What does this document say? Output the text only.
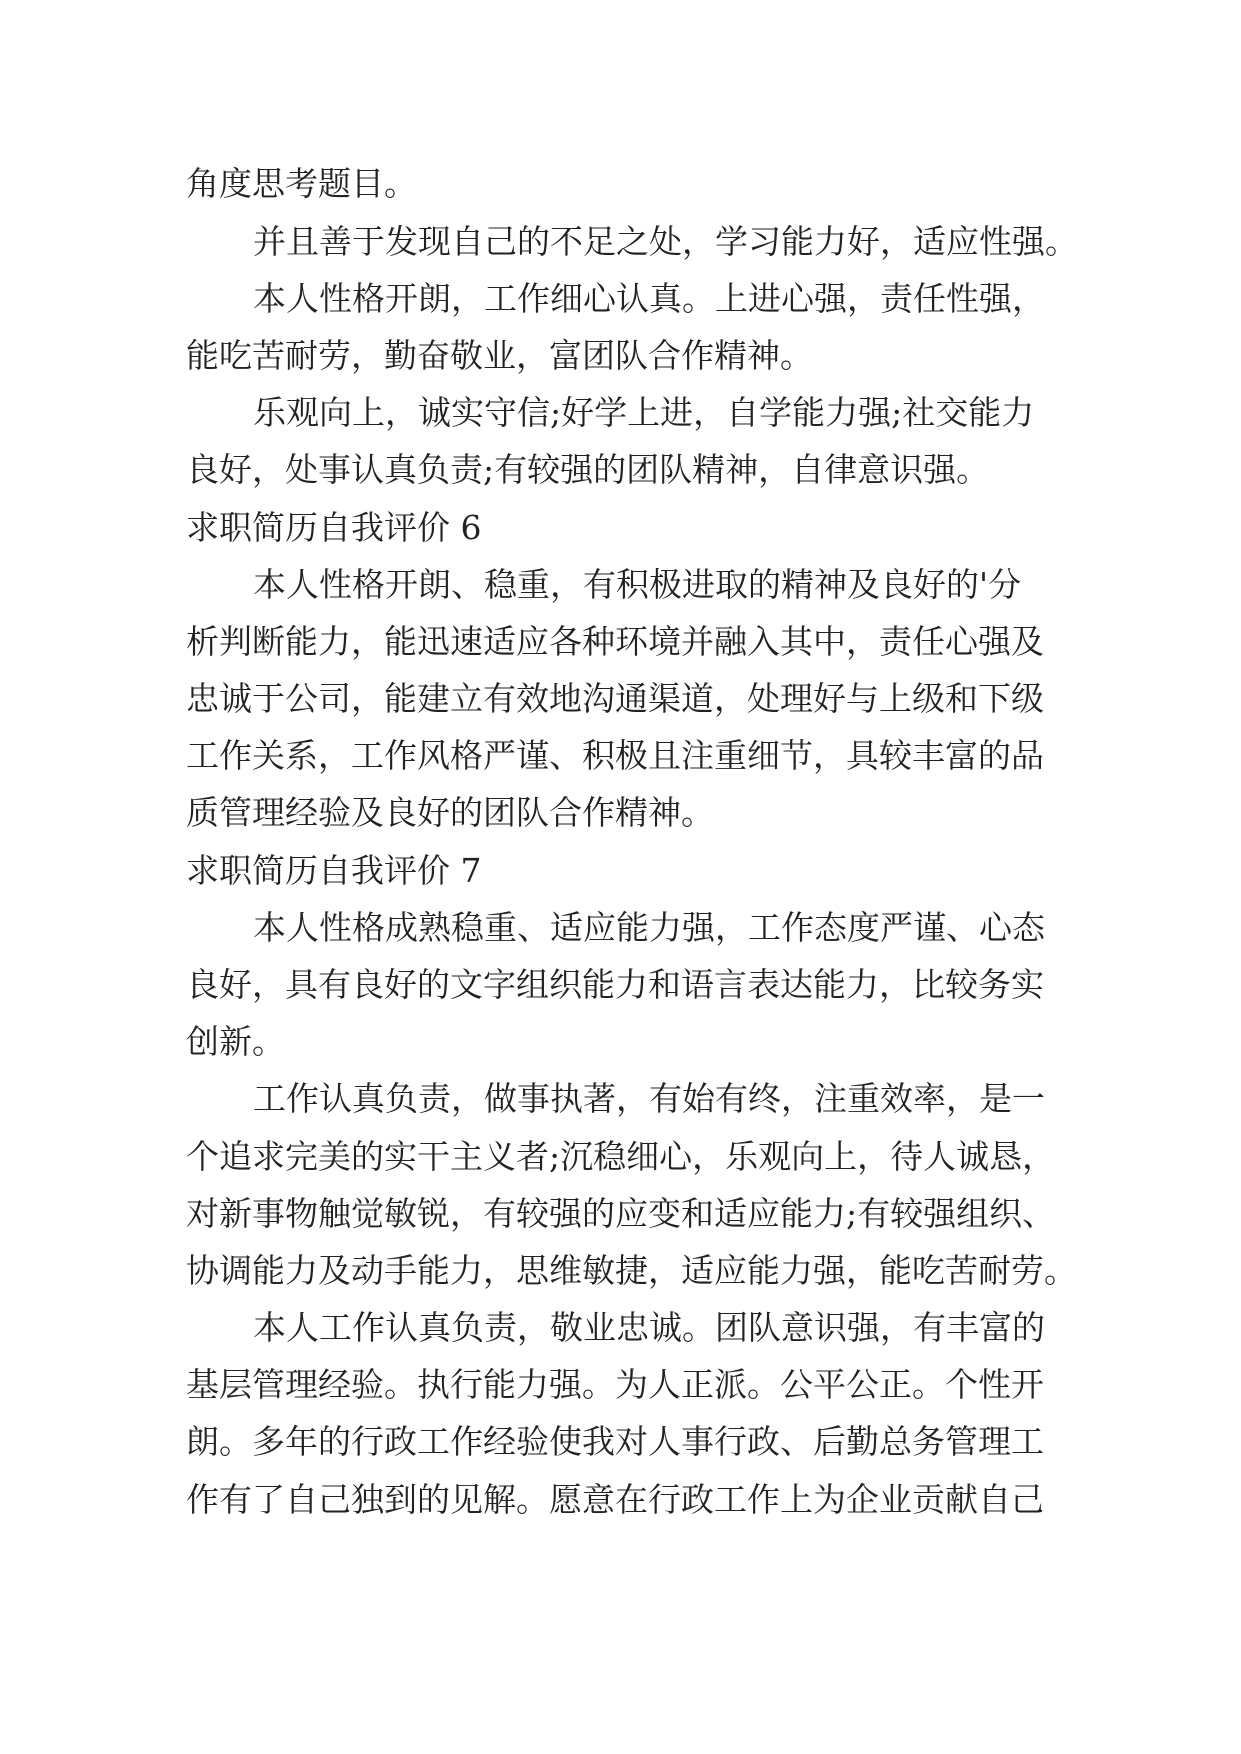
角度思考题目。

并且善于发现自己的不足之处，学习能力好，适应性强。

本人性格开朗，工作细心认真。上进心强，责任性强，

能吃苦耐劳，勤奋敬业，富团队合作精神。

乐观向上，诚实守信;好学上进，自学能力强;社交能力

良好，处事认真负责;有较强的团队精神，自律意识强。

求职简历自我评价 6

本人性格开朗、稳重，有积极进取的精神及良好的'分

析判断能力，能迅速适应各种环境并融入其中，责任心强及

忠诚于公司，能建立有效地沟通渠道，处理好与上级和下级

工作关系，工作风格严谨、积极且注重细节，具较丰富的品

质管理经验及良好的团队合作精神。

求职简历自我评价 7

本人性格成熟稳重、适应能力强，工作态度严谨、心态

良好，具有良好的文字组织能力和语言表达能力，比较务实

创新。

工作认真负责，做事执著，有始有终，注重效率，是一

个追求完美的实干主义者;沉稳细心，乐观向上，待人诚恳，

对新事物触觉敏锐，有较强的应变和适应能力;有较强组织、

协调能力及动手能力，思维敏捷，适应能力强，能吃苦耐劳。

本人工作认真负责，敬业忠诚。团队意识强，有丰富的

基层管理经验。执行能力强。为人正派。公平公正。个性开

朗。多年的行政工作经验使我对人事行政、后勤总务管理工

作有了自己独到的见解。愿意在行政工作上为企业贡献自己
